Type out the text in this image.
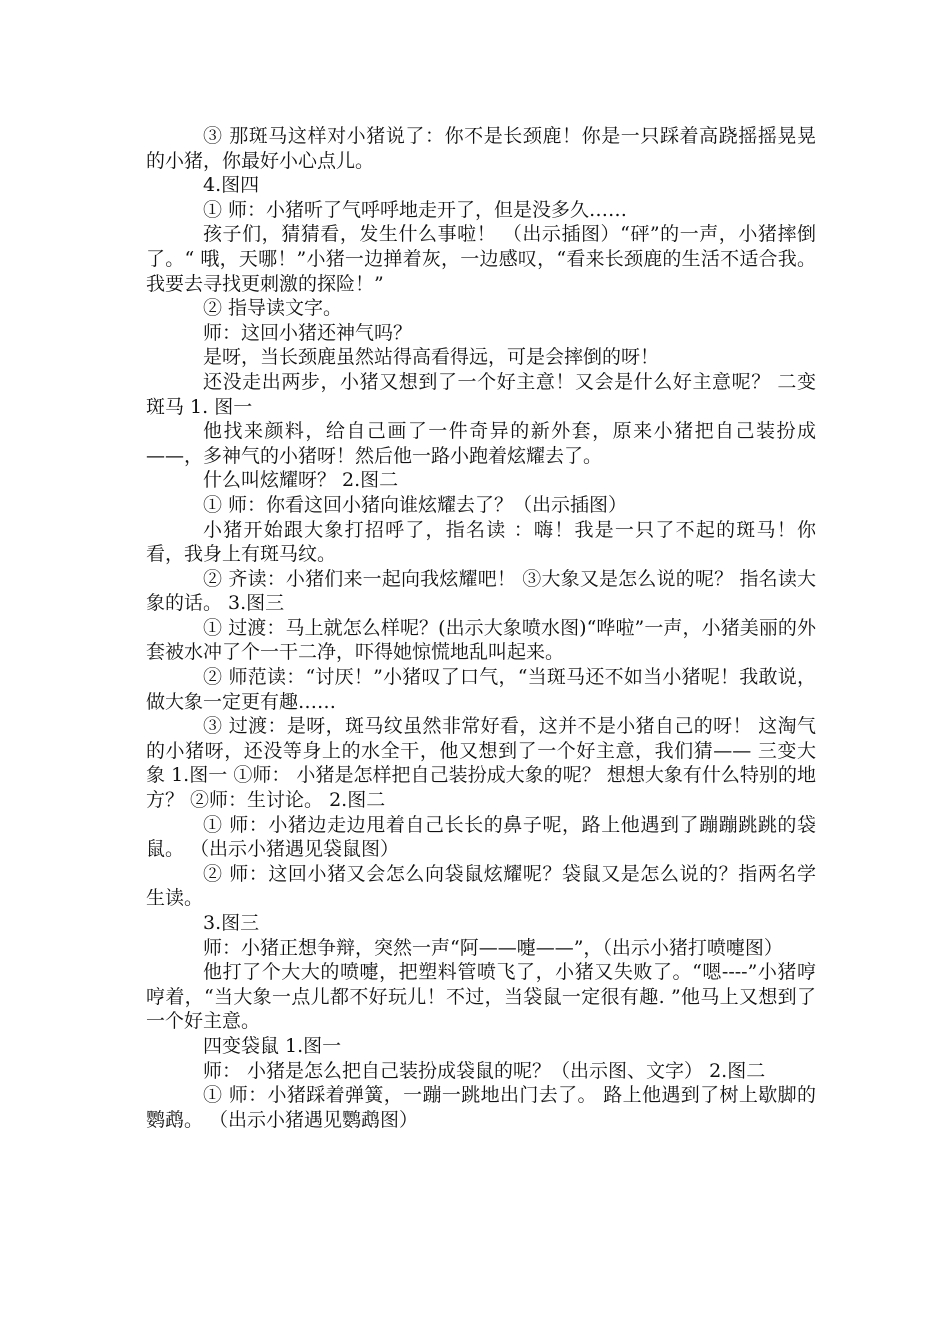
③ 那斑马这样对小猪说了：你不是长颈鹿！你是一只踩着高跷摇摇晃晃的小猪，你最好小心点儿。

4.图四

① 师：小猪听了气呼呼地走开了，但是没多久……

孩子们，猜猜看，发生什么事啦！ （出示插图）“砰”的一声，小猪摔倒了。“ 哦，天哪！”小猪一边掸着灰，一边感叹，“看来长颈鹿的生活不适合我。我要去寻找更刺激的探险！”

② 指导读文字。

师：这回小猪还神气吗？

是呀，当长颈鹿虽然站得高看得远，可是会摔倒的呀！

还没走出两步，小猪又想到了一个好主意！又会是什么好主意呢？ 二变斑马 1. 图一

他找来颜料，给自己画了一件奇异的新外套，原来小猪把自己装扮成——，多神气的小猪呀！然后他一路小跑着炫耀去了。

什么叫炫耀呀？ 2.图二

① 师：你看这回小猪向谁炫耀去了？（出示插图）

小猪开始跟大象打招呼了，指名读 ：嗨！我是一只了不起的斑马！你看，我身上有斑马纹。

② 齐读：小猪们来一起向我炫耀吧！ ③大象又是怎么说的呢？ 指名读大象的话。 3.图三

① 过渡：马上就怎么样呢？(出示大象喷水图)“哗啦”一声，小猪美丽的外套被水冲了个一干二净，吓得她惊慌地乱叫起来。

② 师范读：“讨厌！”小猪叹了口气，“当斑马还不如当小猪呢！我敢说，做大象一定更有趣……

③ 过渡：是呀，斑马纹虽然非常好看，这并不是小猪自己的呀！ 这淘气的小猪呀，还没等身上的水全干，他又想到了一个好主意，我们猜—— 三变大象 1.图一 ①师： 小猪是怎样把自己装扮成大象的呢？ 想想大象有什么特别的地方？ ②师：生讨论。 2.图二

① 师：小猪边走边甩着自己长长的鼻子呢，路上他遇到了蹦蹦跳跳的袋鼠。 （出示小猪遇见袋鼠图）

② 师：这回小猪又会怎么向袋鼠炫耀呢？袋鼠又是怎么说的？指两名学生读。

3.图三

师：小猪正想争辩，突然一声“阿——嚏——”，（出示小猪打喷嚏图）

他打了个大大的喷嚏，把塑料管喷飞了，小猪又失败了。“嗯----”小猪哼哼着，“当大象一点儿都不好玩儿！不过，当袋鼠一定很有趣. ”他马上又想到了一个好主意。

四变袋鼠 1.图一

师： 小猪是怎么把自己装扮成袋鼠的呢？（出示图、文字） 2.图二

① 师：小猪踩着弹簧，一蹦一跳地出门去了。 路上他遇到了树上歇脚的鹦鹉。 （出示小猪遇见鹦鹉图）
